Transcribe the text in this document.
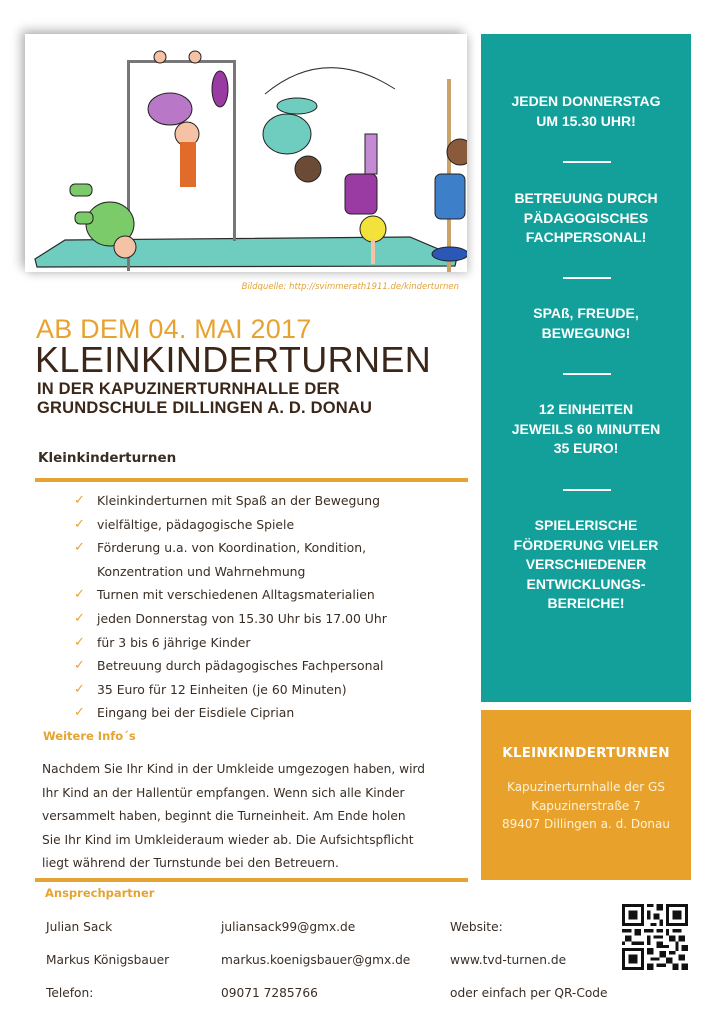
Bildquelle: http://svimmerath1911.de/kinderturnen
AB DEM 04. MAI 2017
KLEINKINDERTURNEN
IN DER KAPUZINERTURNHALLE DER
GRUNDSCHULE DILLINGEN A. D. DONAU
Kleinkinderturnen
✓ Kleinkinderturnen mit Spaß an der Bewegung
✓ vielfältige, pädagogische Spiele
✓ Förderung u.a. von Koordination, Kondition,
Konzentration und Wahrnehmung
✓ Turnen mit verschiedenen Alltagsmaterialien
✓ jeden Donnerstag von 15.30 Uhr bis 17.00 Uhr
✓ für 3 bis 6 jährige Kinder
✓ Betreuung durch pädagogisches Fachpersonal
✓ 35 Euro für 12 Einheiten (je 60 Minuten)
✓ Eingang bei der Eisdiele Ciprian
Weitere Info´s
Nachdem Sie Ihr Kind in der Umkleide umgezogen haben, wird
Ihr Kind an der Hallentür empfangen. Wenn sich alle Kinder
versammelt haben, beginnt die Turneinheit. Am Ende holen
Sie Ihr Kind im Umkleideraum wieder ab. Die Aufsichtspflicht
liegt während der Turnstunde bei den Betreuern.
Ansprechpartner
Julian Sack	juliansack99@gmx.de	Website:
Markus Königsbauer	markus.koenigsbauer@gmx.de	www.tvd-turnen.de
Telefon:	09071 7285766	oder einfach per QR-Code
JEDEN DONNERSTAG
UM 15.30 UHR!
BETREUUNG DURCH
PÄDAGOGISCHES
FACHPERSONAL!
SPAß, FREUDE,
BEWEGUNG!
12 EINHEITEN
JEWEILS 60 MINUTEN
35 EURO!
SPIELERISCHE
FÖRDERUNG VIELER
VERSCHIEDENER
ENTWICKLUNGS-
BEREICHE!
KLEINKINDERTURNEN
Kapuzinerturnhalle der GS
Kapuzinerstraße 7
89407 Dillingen a. d. Donau
